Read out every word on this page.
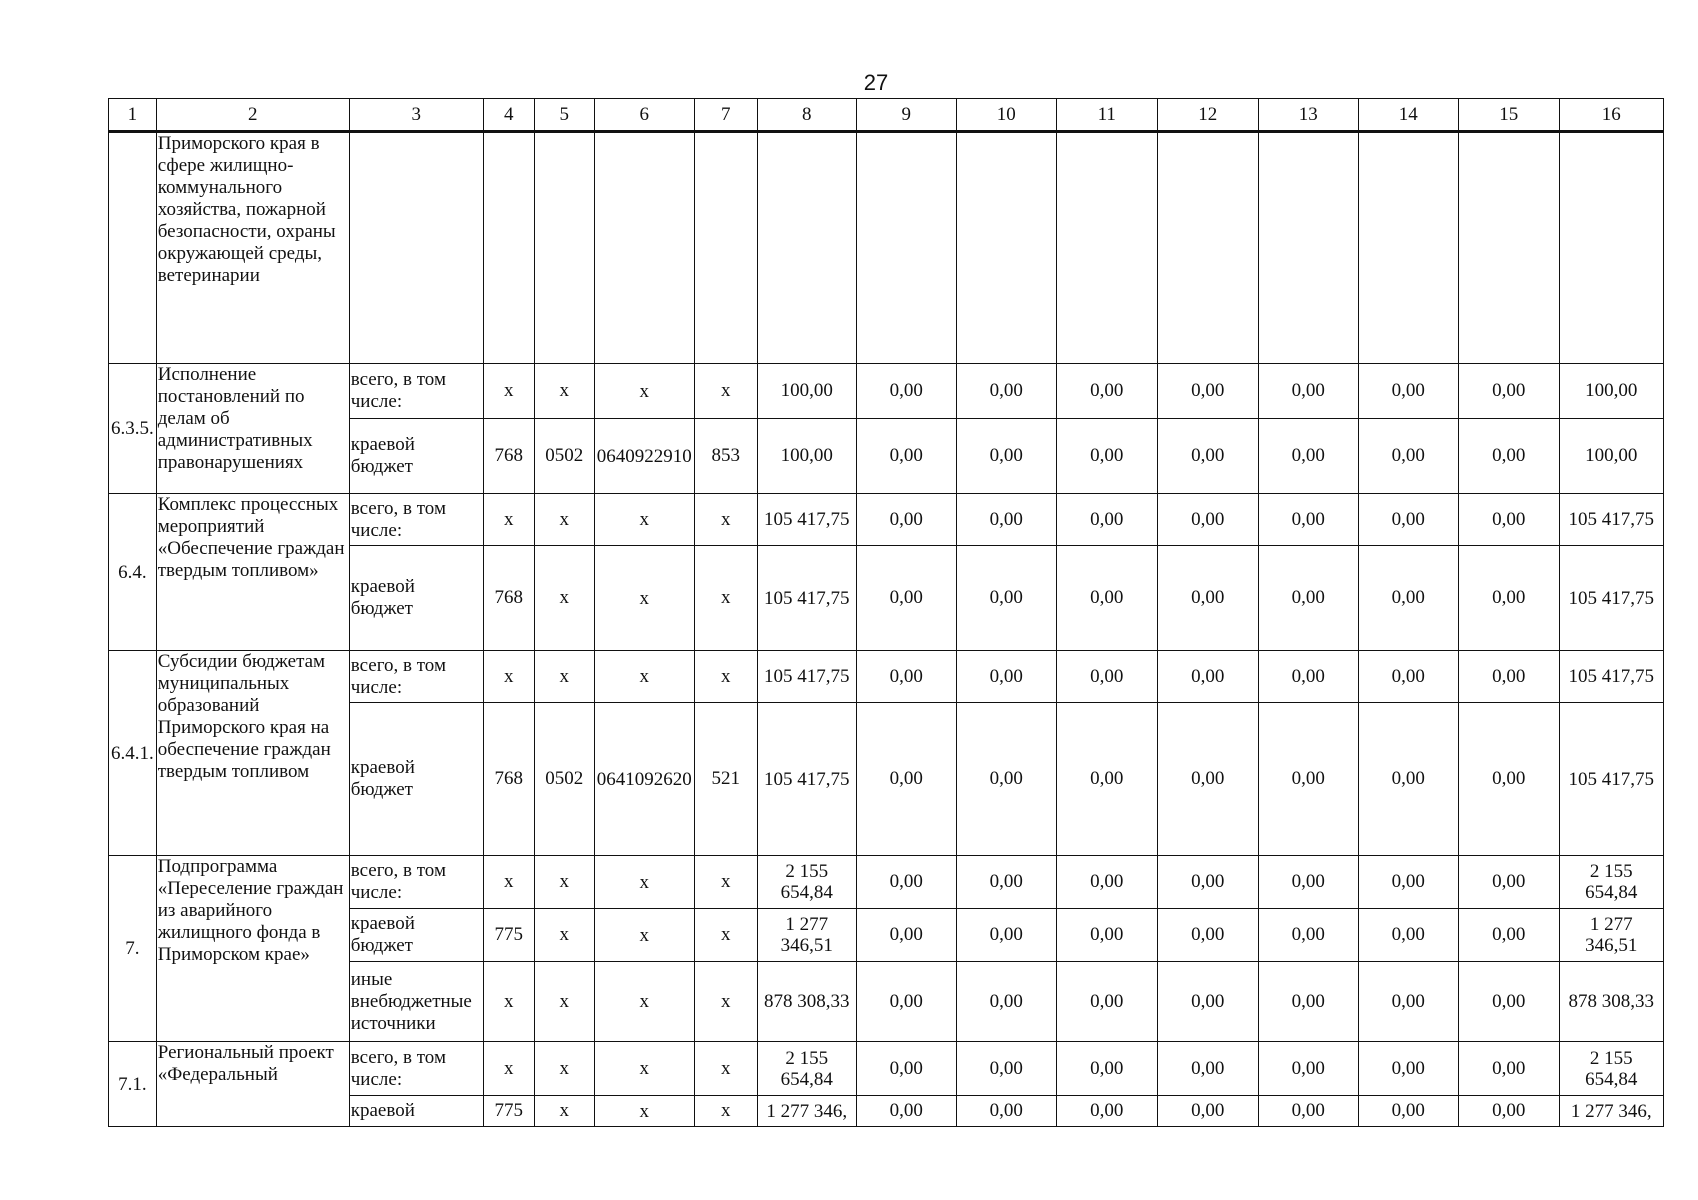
27
1	2	3	4	5	6	7	8	9	10	11	12	13	14	15	16
	Приморского края в сфере жилищно-коммунального хозяйства, пожарной безопасности, охраны окружающей среды, ветеринарии														
6.3.5.	Исполнение постановлений по делам об административных правонарушениях	всего, в том числе:	x	x	x	x	100,00	0,00	0,00	0,00	0,00	0,00	0,00	0,00	100,00
		краевой бюджет	768	0502	0640922910	853	100,00	0,00	0,00	0,00	0,00	0,00	0,00	0,00	100,00
6.4.	Комплекс процессных мероприятий «Обеспечение граждан твердым топливом»	всего, в том числе:	x	x	x	x	105 417,75	0,00	0,00	0,00	0,00	0,00	0,00	0,00	105 417,75
		краевой бюджет	768	x	x	x	105 417,75	0,00	0,00	0,00	0,00	0,00	0,00	0,00	105 417,75
6.4.1.	Субсидии бюджетам муниципальных образований Приморского края на обеспечение граждан твердым топливом	всего, в том числе:	x	x	x	x	105 417,75	0,00	0,00	0,00	0,00	0,00	0,00	0,00	105 417,75
		краевой бюджет	768	0502	0641092620	521	105 417,75	0,00	0,00	0,00	0,00	0,00	0,00	0,00	105 417,75
7.	Подпрограмма «Переселение граждан из аварийного жилищного фонда в Приморском крае»	всего, в том числе:	x	x	x	x	2 155 654,84	0,00	0,00	0,00	0,00	0,00	0,00	0,00	2 155 654,84
		краевой бюджет	775	x	x	x	1 277 346,51	0,00	0,00	0,00	0,00	0,00	0,00	0,00	1 277 346,51
		иные внебюджетные источники	x	x	x	x	878 308,33	0,00	0,00	0,00	0,00	0,00	0,00	0,00	878 308,33
7.1.	Региональный проект «Федеральный	всего, в том числе:	x	x	x	x	2 155 654,84	0,00	0,00	0,00	0,00	0,00	0,00	0,00	2 155 654,84
		краевой	775	x	x	x	1 277 346,	0,00	0,00	0,00	0,00	0,00	0,00	0,00	1 277 346,
